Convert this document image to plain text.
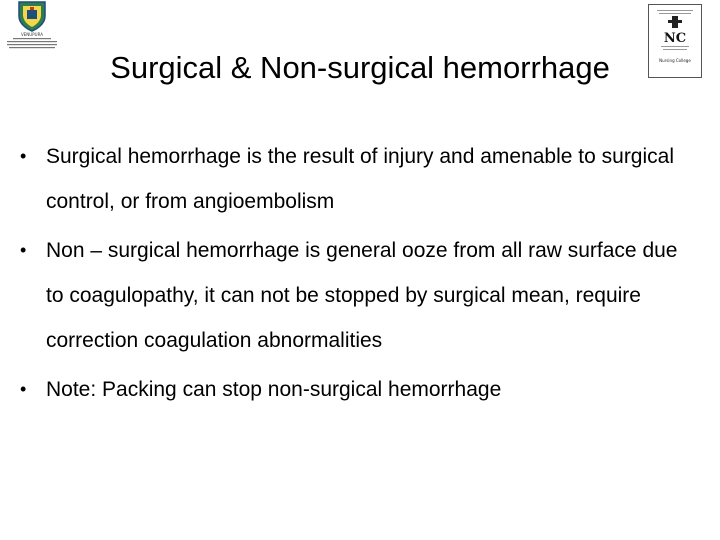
VENUPURA	NC
Nursing College
Surgical & Non-surgical hemorrhage
• Surgical hemorrhage is the result of injury and amenable to surgical control, or from angioembolism
• Non – surgical hemorrhage is general ooze from all raw surface due to coagulopathy, it can not be stopped by surgical mean, require correction coagulation abnormalities
• Note: Packing can stop non-surgical hemorrhage
